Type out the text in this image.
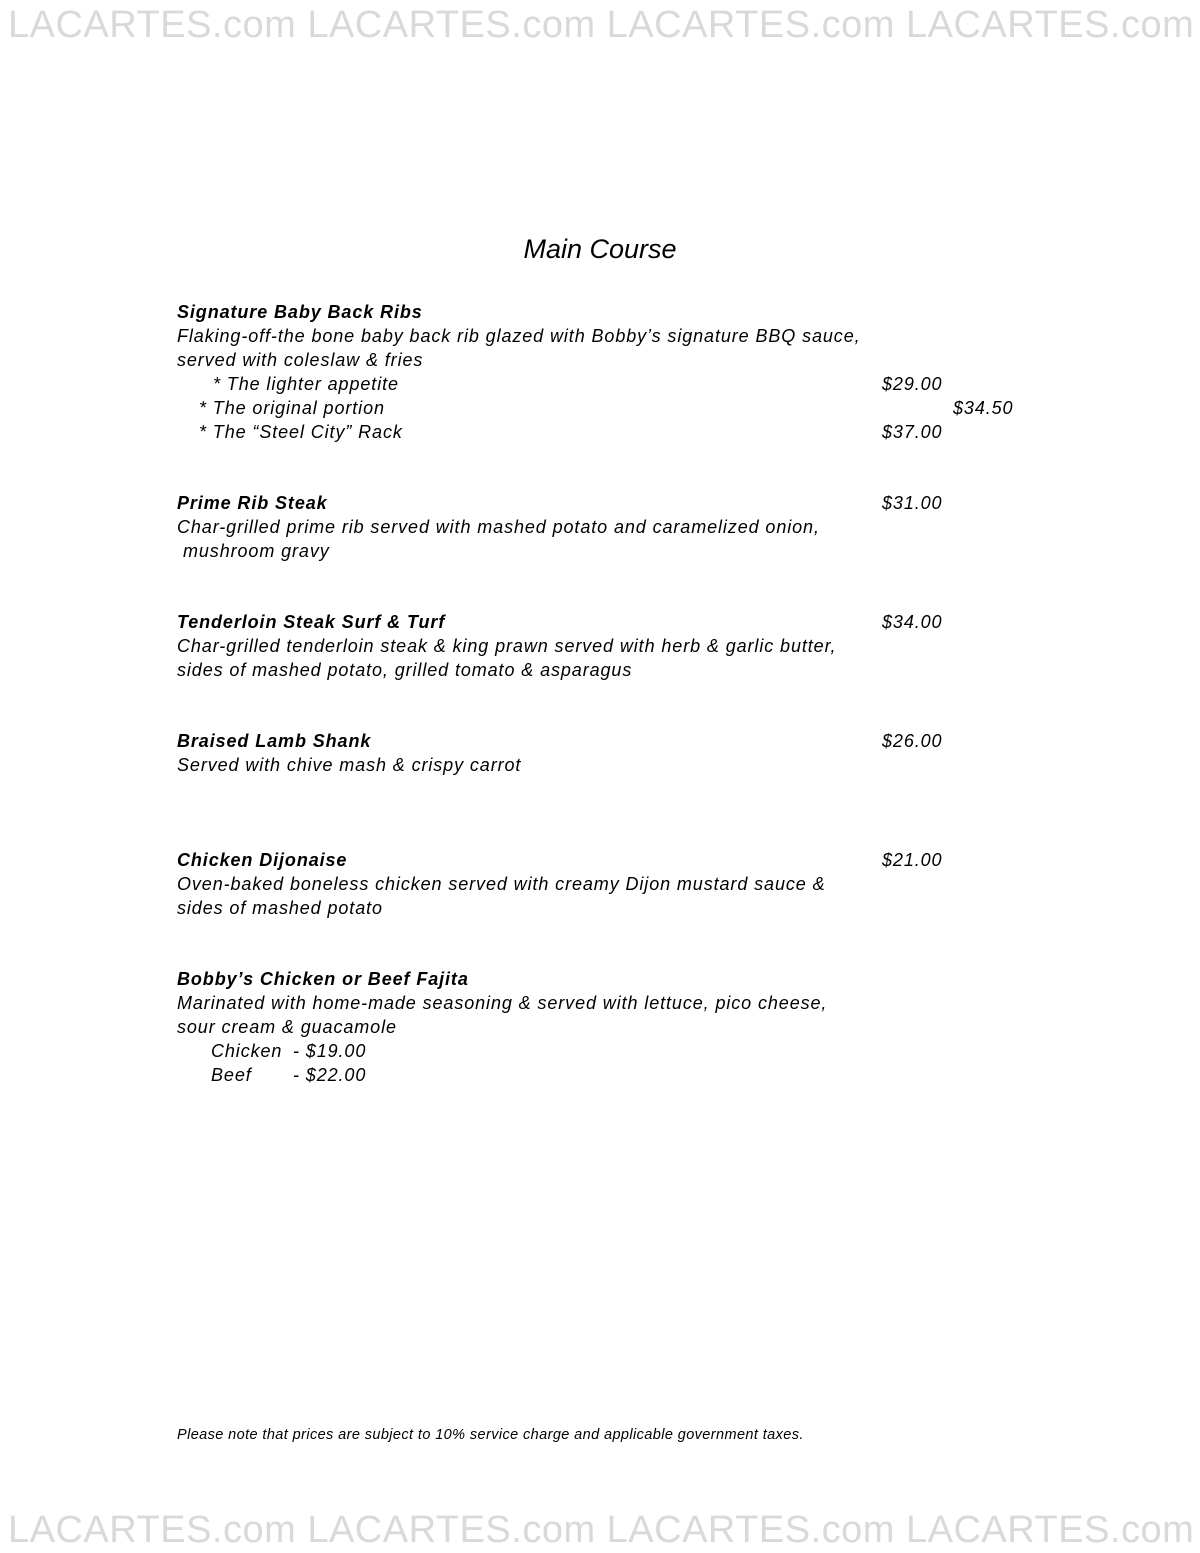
LACARTES.com LACARTES.com LACARTES.com LACARTES.com
Main Course
Signature Baby Back Ribs
Flaking-off-the bone baby back rib glazed with Bobby’s signature BBQ sauce,
served with coleslaw & fries
* The lighter appetite	$29.00
* The original portion	$34.50
* The “Steel City” Rack	$37.00
Prime Rib Steak	$31.00
Char-grilled prime rib served with mashed potato and caramelized onion,
mushroom gravy
Tenderloin Steak Surf & Turf	$34.00
Char-grilled tenderloin steak & king prawn served with herb & garlic butter,
sides of mashed potato, grilled tomato & asparagus
Braised Lamb Shank	$26.00
Served with chive mash & crispy carrot
Chicken Dijonaise	$21.00
Oven-baked boneless chicken served with creamy Dijon mustard sauce &
sides of mashed potato
Bobby’s Chicken or Beef Fajita
Marinated with home-made seasoning & served with lettuce, pico cheese,
sour cream & guacamole
Chicken - $19.00
Beef - $22.00
Please note that prices are subject to 10% service charge and applicable government taxes.
LACARTES.com LACARTES.com LACARTES.com LACARTES.com
